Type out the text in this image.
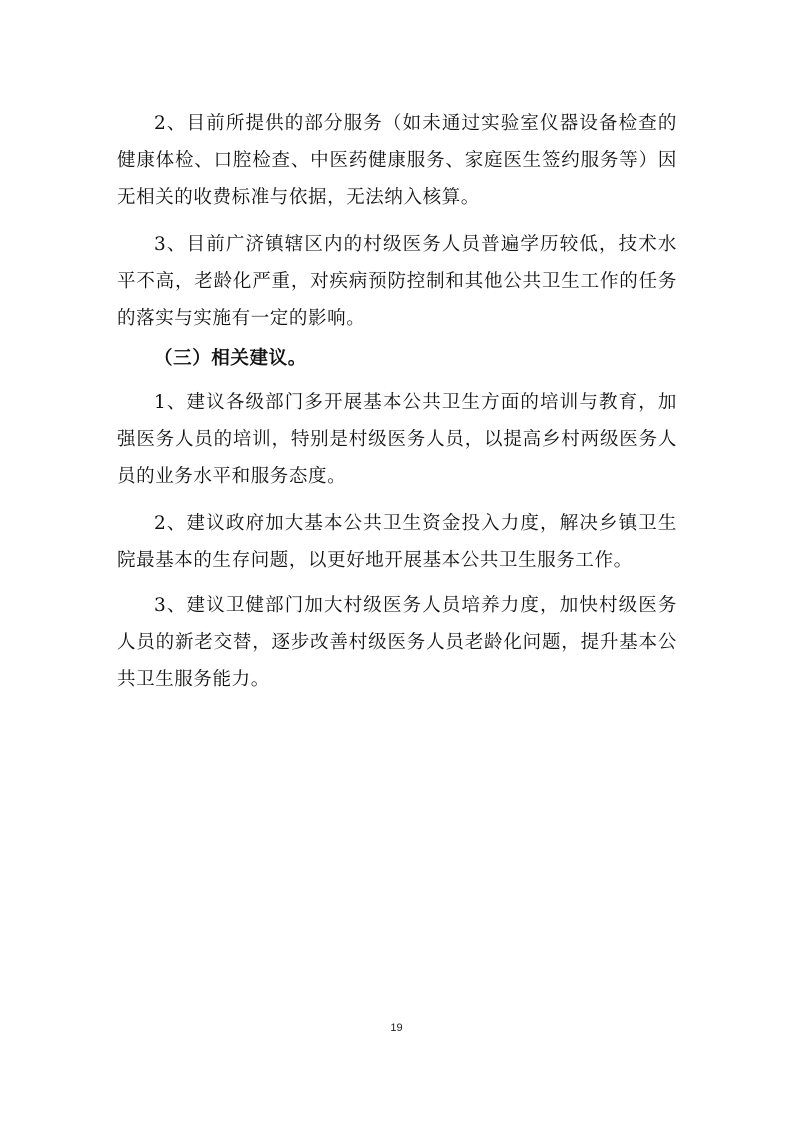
2、目前所提供的部分服务（如未通过实验室仪器设备检查的健康体检、口腔检查、中医药健康服务、家庭医生签约服务等）因无相关的收费标准与依据，无法纳入核算。

3、目前广济镇辖区内的村级医务人员普遍学历较低，技术水平不高，老龄化严重，对疾病预防控制和其他公共卫生工作的任务的落实与实施有一定的影响。

（三）相关建议。

1、建议各级部门多开展基本公共卫生方面的培训与教育，加强医务人员的培训，特别是村级医务人员，以提高乡村两级医务人员的业务水平和服务态度。

2、建议政府加大基本公共卫生资金投入力度，解决乡镇卫生院最基本的生存问题，以更好地开展基本公共卫生服务工作。

3、建议卫健部门加大村级医务人员培养力度，加快村级医务人员的新老交替，逐步改善村级医务人员老龄化问题，提升基本公共卫生服务能力。

19
